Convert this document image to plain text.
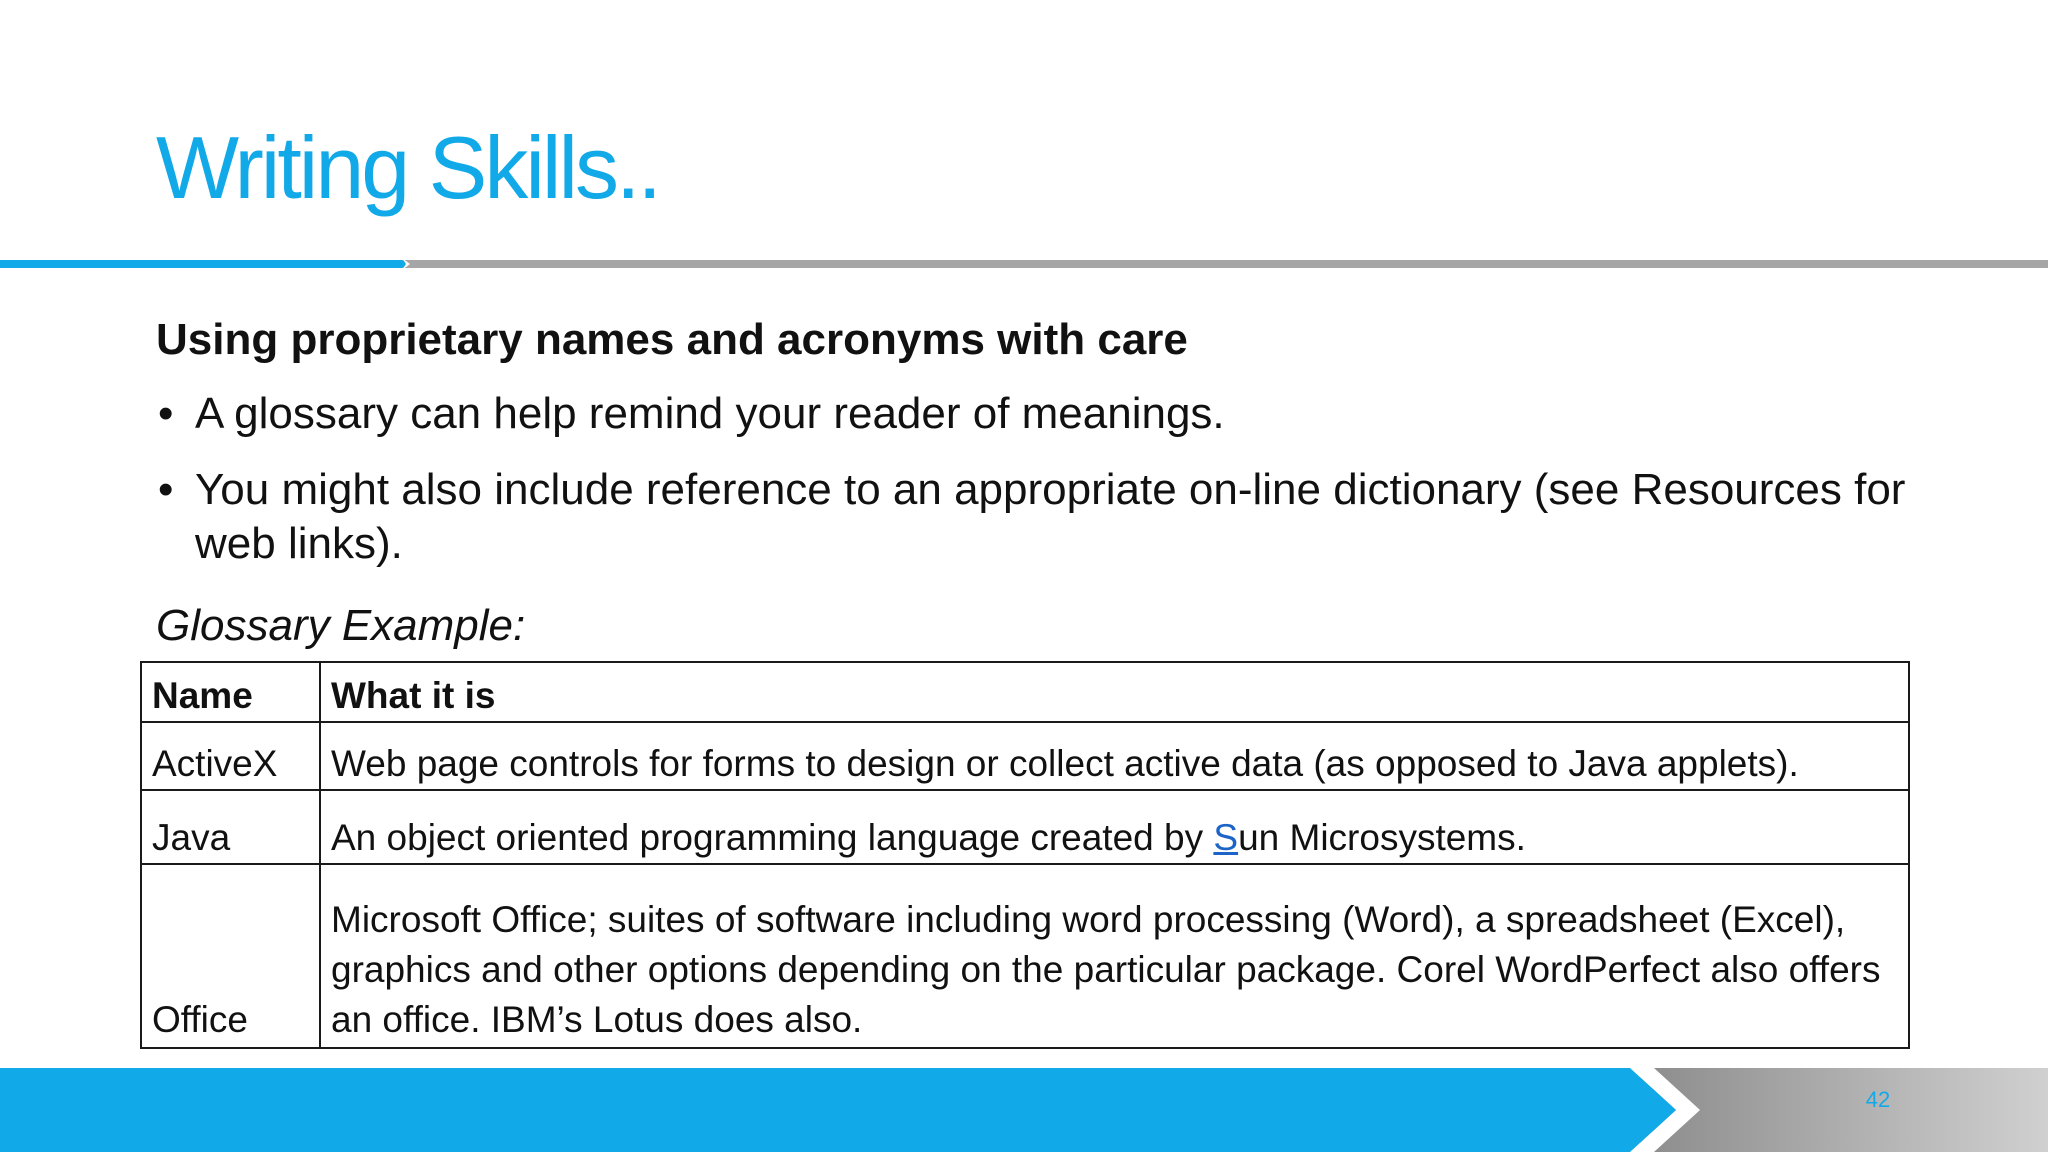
Writing Skills..
Using proprietary names and acronyms with care
• A glossary can help remind your reader of meanings.
• You might also include reference to an appropriate on-line dictionary (see Resources for web links).
Glossary Example:
Name	What it is
ActiveX	Web page controls for forms to design or collect active data (as opposed to Java applets).
Java	An object oriented programming language created by Sun Microsystems.
Office	Microsoft Office; suites of software including word processing (Word), a spreadsheet (Excel), graphics and other options depending on the particular package. Corel WordPerfect also offers an office. IBM’s Lotus does also.
42
